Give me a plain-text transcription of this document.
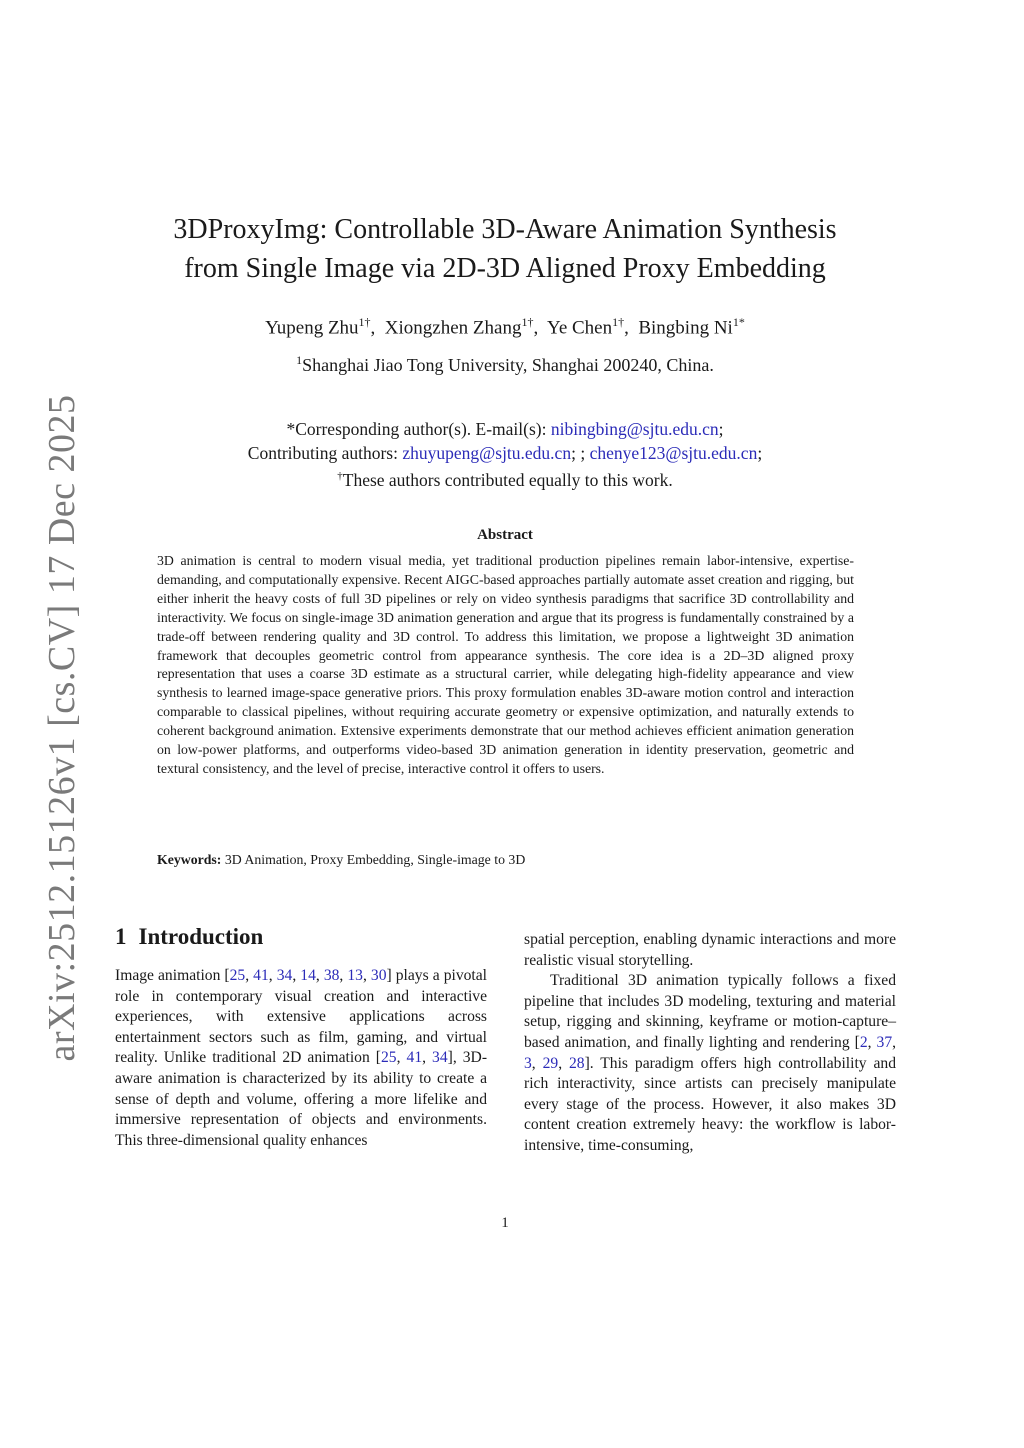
arXiv:2512.15126v1 [cs.CV] 17 Dec 2025
3DProxyImg: Controllable 3D-Aware Animation Synthesis
from Single Image via 2D-3D Aligned Proxy Embedding
Yupeng Zhu$^{1\dagger}$,  Xiongzhen Zhang$^{1\dagger}$,  Ye Chen$^{1\dagger}$,  Bingbing $Ni^{1*}$
$^1$Shanghai Jiao Tong University, Shanghai 200240, China.
*Corresponding author(s). E-mail(s): nibingbing@sjtu.edu.cn;
Contributing authors: zhuyupeng@sjtu.edu.cn; ; chenye123@sjtu.edu.cn;
†These authors contributed equally to this work.
Abstract
3D animation is central to modern visual media, yet traditional production pipelines remain labor-intensive, expertise-demanding, and computationally expensive. Recent AIGC-based approaches partially automate asset creation and rigging, but either inherit the heavy costs of full 3D pipelines or rely on video synthesis paradigms that sacrifice 3D controllability and interactivity. We focus on single-image 3D animation generation and argue that its progress is fundamentally constrained by a trade-off between rendering quality and 3D control. To address this limitation, we propose a lightweight 3D animation framework that decouples geometric control from appearance synthesis. The core idea is a 2D–3D aligned proxy representation that uses a coarse 3D estimate as a structural carrier, while delegating high-fidelity appearance and view synthesis to learned image-space generative priors. This proxy formulation enables 3D-aware motion control and interaction comparable to classical pipelines, without requiring accurate geometry or expensive optimization, and naturally extends to coherent background animation. Extensive experiments demonstrate that our method achieves efficient animation generation on low-power platforms, and outperforms video-based 3D animation generation in identity preservation, geometric and textural consistency, and the level of precise, interactive control it offers to users.
Keywords: 3D Animation, Proxy Embedding, Single-image to 3D
1 Introduction

Image animation [25, 41, 34, 14, 38, 13, 30] plays a pivotal role in contemporary visual creation and interactive experiences, with extensive applications across entertainment sectors such as film, gaming, and virtual reality. Unlike traditional 2D animation [25, 41, 34], 3D-aware animation is characterized by its ability to create a sense of depth and volume, offering a more lifelike and immersive representation of objects and environments. This three-dimensional quality enhances

spatial perception, enabling dynamic interactions and more realistic visual storytelling.

Traditional 3D animation typically follows a fixed pipeline that includes 3D modeling, texturing and material setup, rigging and skinning, keyframe or motion-capture–based animation, and finally lighting and rendering [2, 37, 3, 29, 28]. This paradigm offers high controllability and rich interactivity, since artists can precisely manipulate every stage of the process. However, it also makes 3D content creation extremely heavy: the workflow is labor-intensive, time-consuming,

1
